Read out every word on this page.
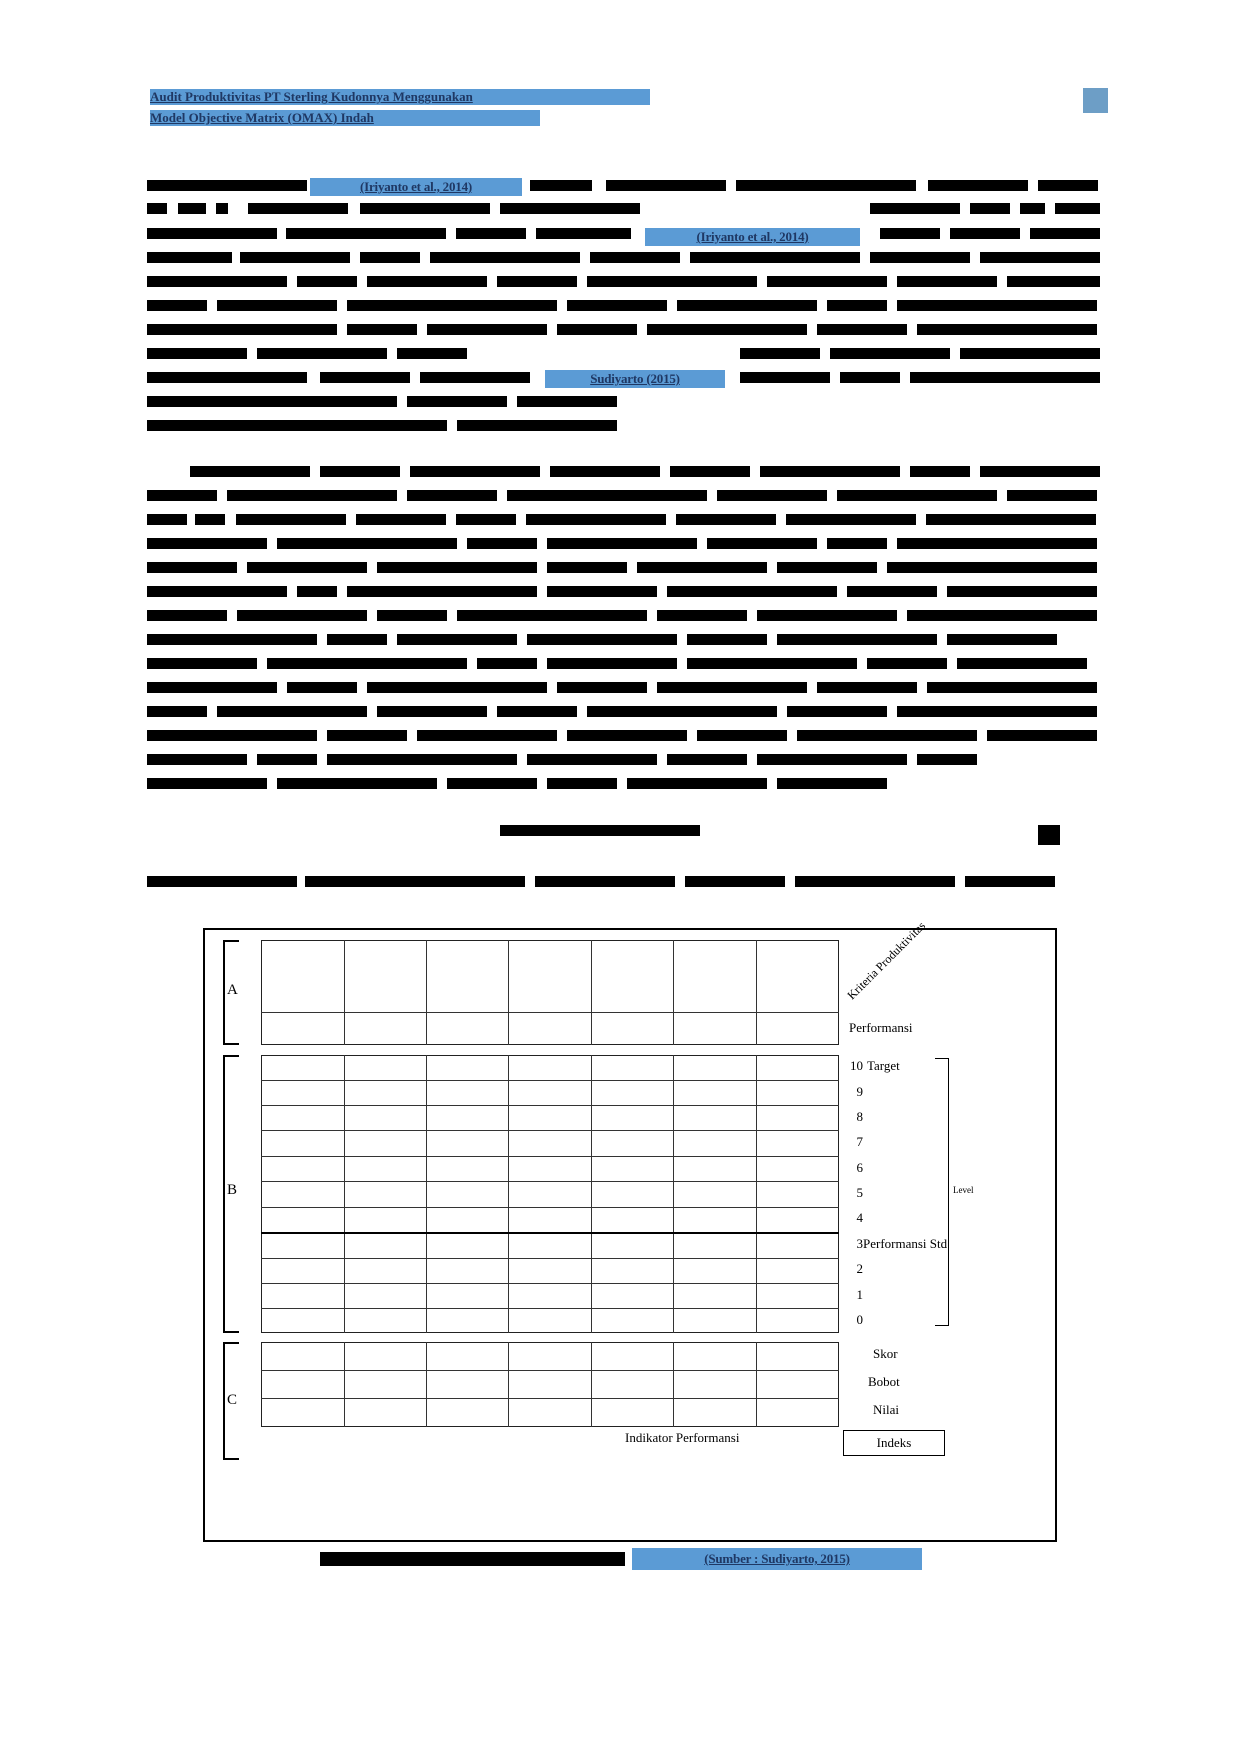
Audit Produktivitas PT Sterling Kudonnya Menggunakan
Model Objective Matrix (OMAX) Indah
(Iriyanto et al., 2014)
(Iriyanto et al., 2014)
Sudiyarto (2015)
A
B
C
Kriteria Produktivitas
Performansi
10
9
8
7
6
5
4
3
2
1
0
Target
Performansi Std
Level
Skor
Bobot
Nilai
Indeks
Indikator Performansi
(Sumber : Sudiyarto, 2015)
